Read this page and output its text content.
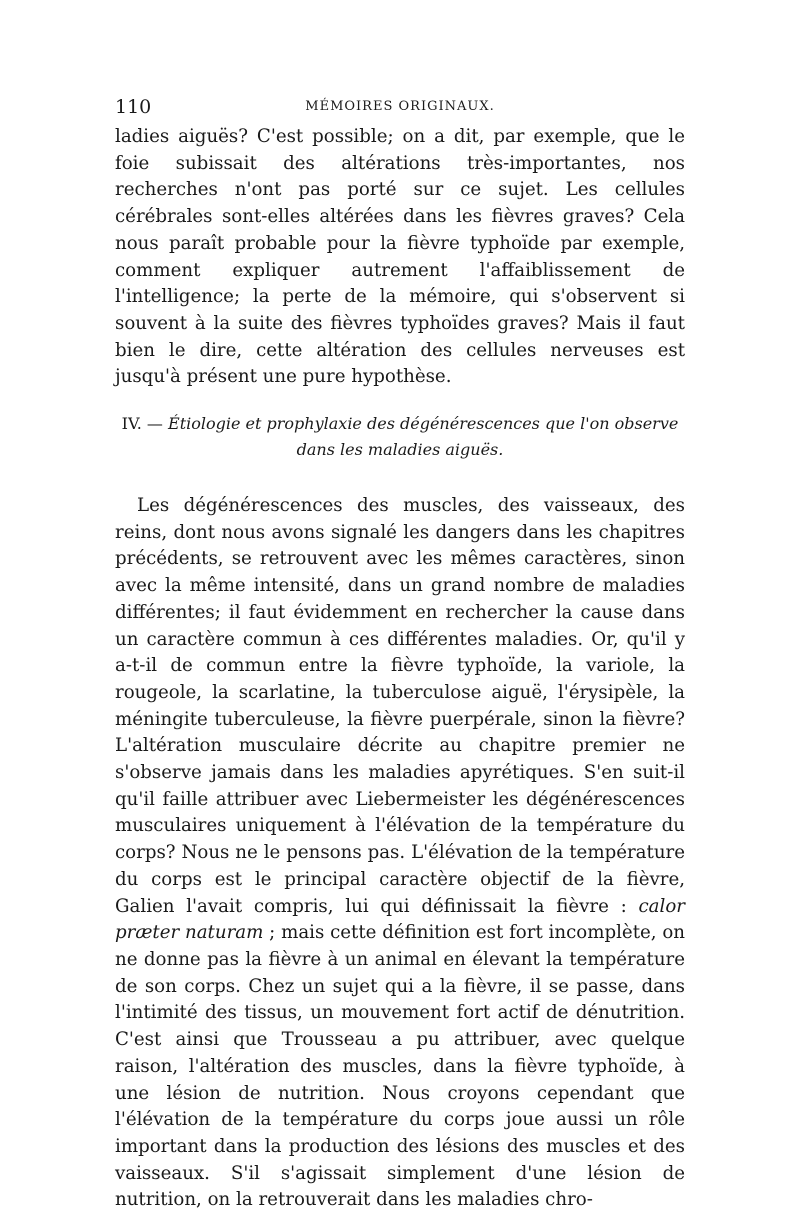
110	MÉMOIRES ORIGINAUX.

ladies aiguës? C'est possible; on a dit, par exemple, que le foie subissait des altérations très-importantes, nos recherches n'ont pas porté sur ce sujet. Les cellules cérébrales sont-elles altérées dans les fièvres graves? Cela nous paraît probable pour la fièvre typhoïde par exemple, comment expliquer autrement l'affaiblissement de l'intelligence; la perte de la mémoire, qui s'observent si souvent à la suite des fièvres typhoïdes graves? Mais il faut bien le dire, cette altération des cellules nerveuses est jusqu'à présent une pure hypothèse.

IV. — Étiologie et prophylaxie des dégénérescences que l'on observe
dans les maladies aiguës.

Les dégénérescences des muscles, des vaisseaux, des reins, dont nous avons signalé les dangers dans les chapitres précédents, se retrouvent avec les mêmes caractères, sinon avec la même intensité, dans un grand nombre de maladies différentes; il faut évidemment en rechercher la cause dans un caractère commun à ces différentes maladies. Or, qu'il y a-t-il de commun entre la fièvre typhoïde, la variole, la rougeole, la scarlatine, la tuberculose aiguë, l'érysipèle, la méningite tuberculeuse, la fièvre puerpérale, sinon la fièvre? L'altération musculaire décrite au chapitre premier ne s'observe jamais dans les maladies apyrétiques. S'en suit-il qu'il faille attribuer avec Liebermeister les dégénérescences musculaires uniquement à l'élévation de la température du corps? Nous ne le pensons pas. L'élévation de la température du corps est le principal caractère objectif de la fièvre, Galien l'avait compris, lui qui définissait la fièvre : calor præter naturam ; mais cette définition est fort incomplète, on ne donne pas la fièvre à un animal en élevant la température de son corps. Chez un sujet qui a la fièvre, il se passe, dans l'intimité des tissus, un mouvement fort actif de dénutrition. C'est ainsi que Trousseau a pu attribuer, avec quelque raison, l'altération des muscles, dans la fièvre typhoïde, à une lésion de nutrition. Nous croyons cependant que l'élévation de la température du corps joue aussi un rôle important dans la production des lésions des muscles et des vaisseaux. S'il s'agissait simplement d'une lésion de nutrition, on la retrouverait dans les maladies chro-
